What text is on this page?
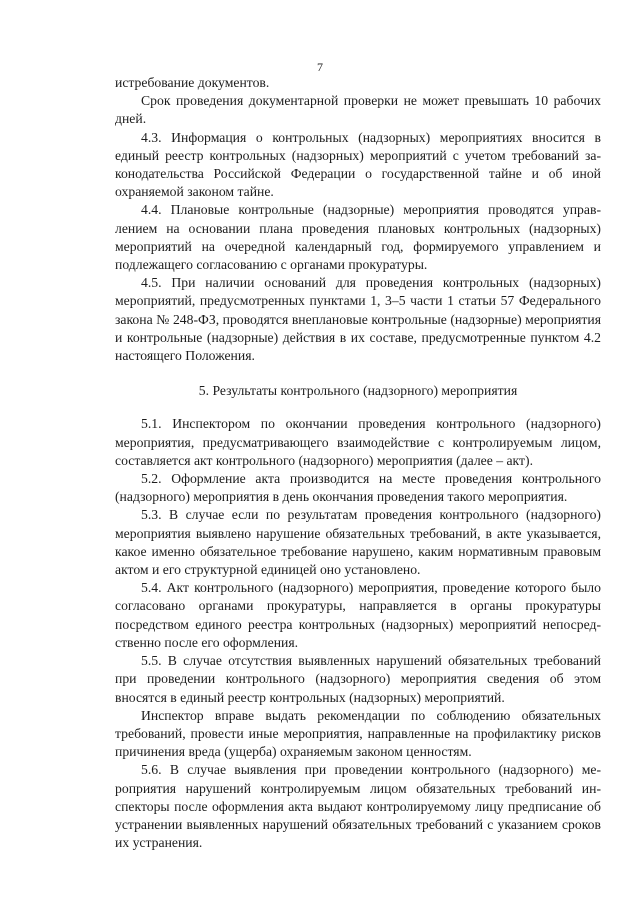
7

истребование документов.

Срок проведения документарной проверки не может превышать 10 рабочих дней.

4.3. Информация о контрольных (надзорных) мероприятиях вносится в единый реестр контрольных (надзорных) мероприятий с учетом требований законодательства Российской Федерации о государственной тайне и об иной охраняемой законом тайне.

4.4. Плановые контрольные (надзорные) мероприятия проводятся управлением на основании плана проведения плановых контрольных (надзорных) мероприятий на очередной календарный год, формируемого управлением и подлежащего согласованию с органами прокуратуры.

4.5. При наличии оснований для проведения контрольных (надзорных) мероприятий, предусмотренных пунктами 1, 3–5 части 1 статьи 57 Федерального закона № 248-ФЗ, проводятся внеплановые контрольные (надзорные) мероприятия и контрольные (надзорные) действия в их составе, предусмотренные пунктом 4.2 настоящего Положения.

5. Результаты контрольного (надзорного) мероприятия

5.1. Инспектором по окончании проведения контрольного (надзорного) мероприятия, предусматривающего взаимодействие с контролируемым лицом, составляется акт контрольного (надзорного) мероприятия (далее – акт).

5.2. Оформление акта производится на месте проведения контрольного (надзорного) мероприятия в день окончания проведения такого мероприятия.

5.3. В случае если по результатам проведения контрольного (надзорного) мероприятия выявлено нарушение обязательных требований, в акте указывается, какое именно обязательное требование нарушено, каким нормативным правовым актом и его структурной единицей оно установлено.

5.4. Акт контрольного (надзорного) мероприятия, проведение которого было согласовано органами прокуратуры, направляется в органы прокуратуры посредством единого реестра контрольных (надзорных) мероприятий непосредственно после его оформления.

5.5. В случае отсутствия выявленных нарушений обязательных требований при проведении контрольного (надзорного) мероприятия сведения об этом вносятся в единый реестр контрольных (надзорных) мероприятий.

Инспектор вправе выдать рекомендации по соблюдению обязательных требований, провести иные мероприятия, направленные на профилактику рисков причинения вреда (ущерба) охраняемым законом ценностям.

5.6. В случае выявления при проведении контрольного (надзорного) мероприятия нарушений контролируемым лицом обязательных требований инспекторы после оформления акта выдают контролируемому лицу предписание об устранении выявленных нарушений обязательных требований с указанием сроков их устранения.
